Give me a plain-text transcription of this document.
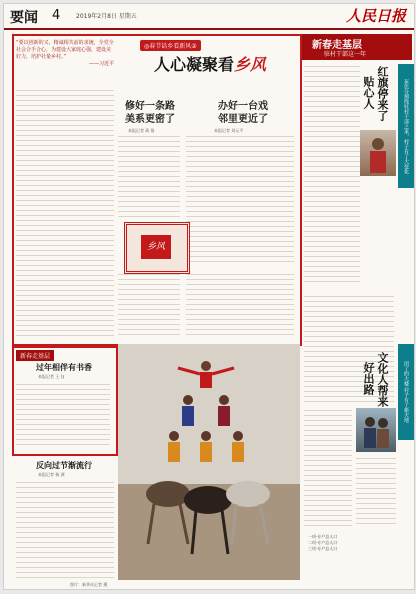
要闻 4	2019年2月8日 星期五	人民日报
“要以创新的又、精诚相共前的求统，全党全社会合手合心，为建设大家庭心强，建设美好力，培护社量乡村。”
——习近平
◎春节话乡看新风②
人心凝聚看乡风
修好一条路
美系更密了
本报记者 蒋 银
办好一台戏
邻里更近了
本报记者 刘元平
乡风
新春走基层
驻村干部这一年
红旗停来了
贴心人
文化人帮来
好出路
灰色分割线驻村干部之来，村子有了大变化
闭了的大楼·村子有了新天地
一项·专户总人口
二项·专户总人口
三项·专户总人口
新春走基层
过年相伴有书香
本报记者 王 钰
反向过节渐流行
本报记者 杨 洲
照片：新华社记者 摄
